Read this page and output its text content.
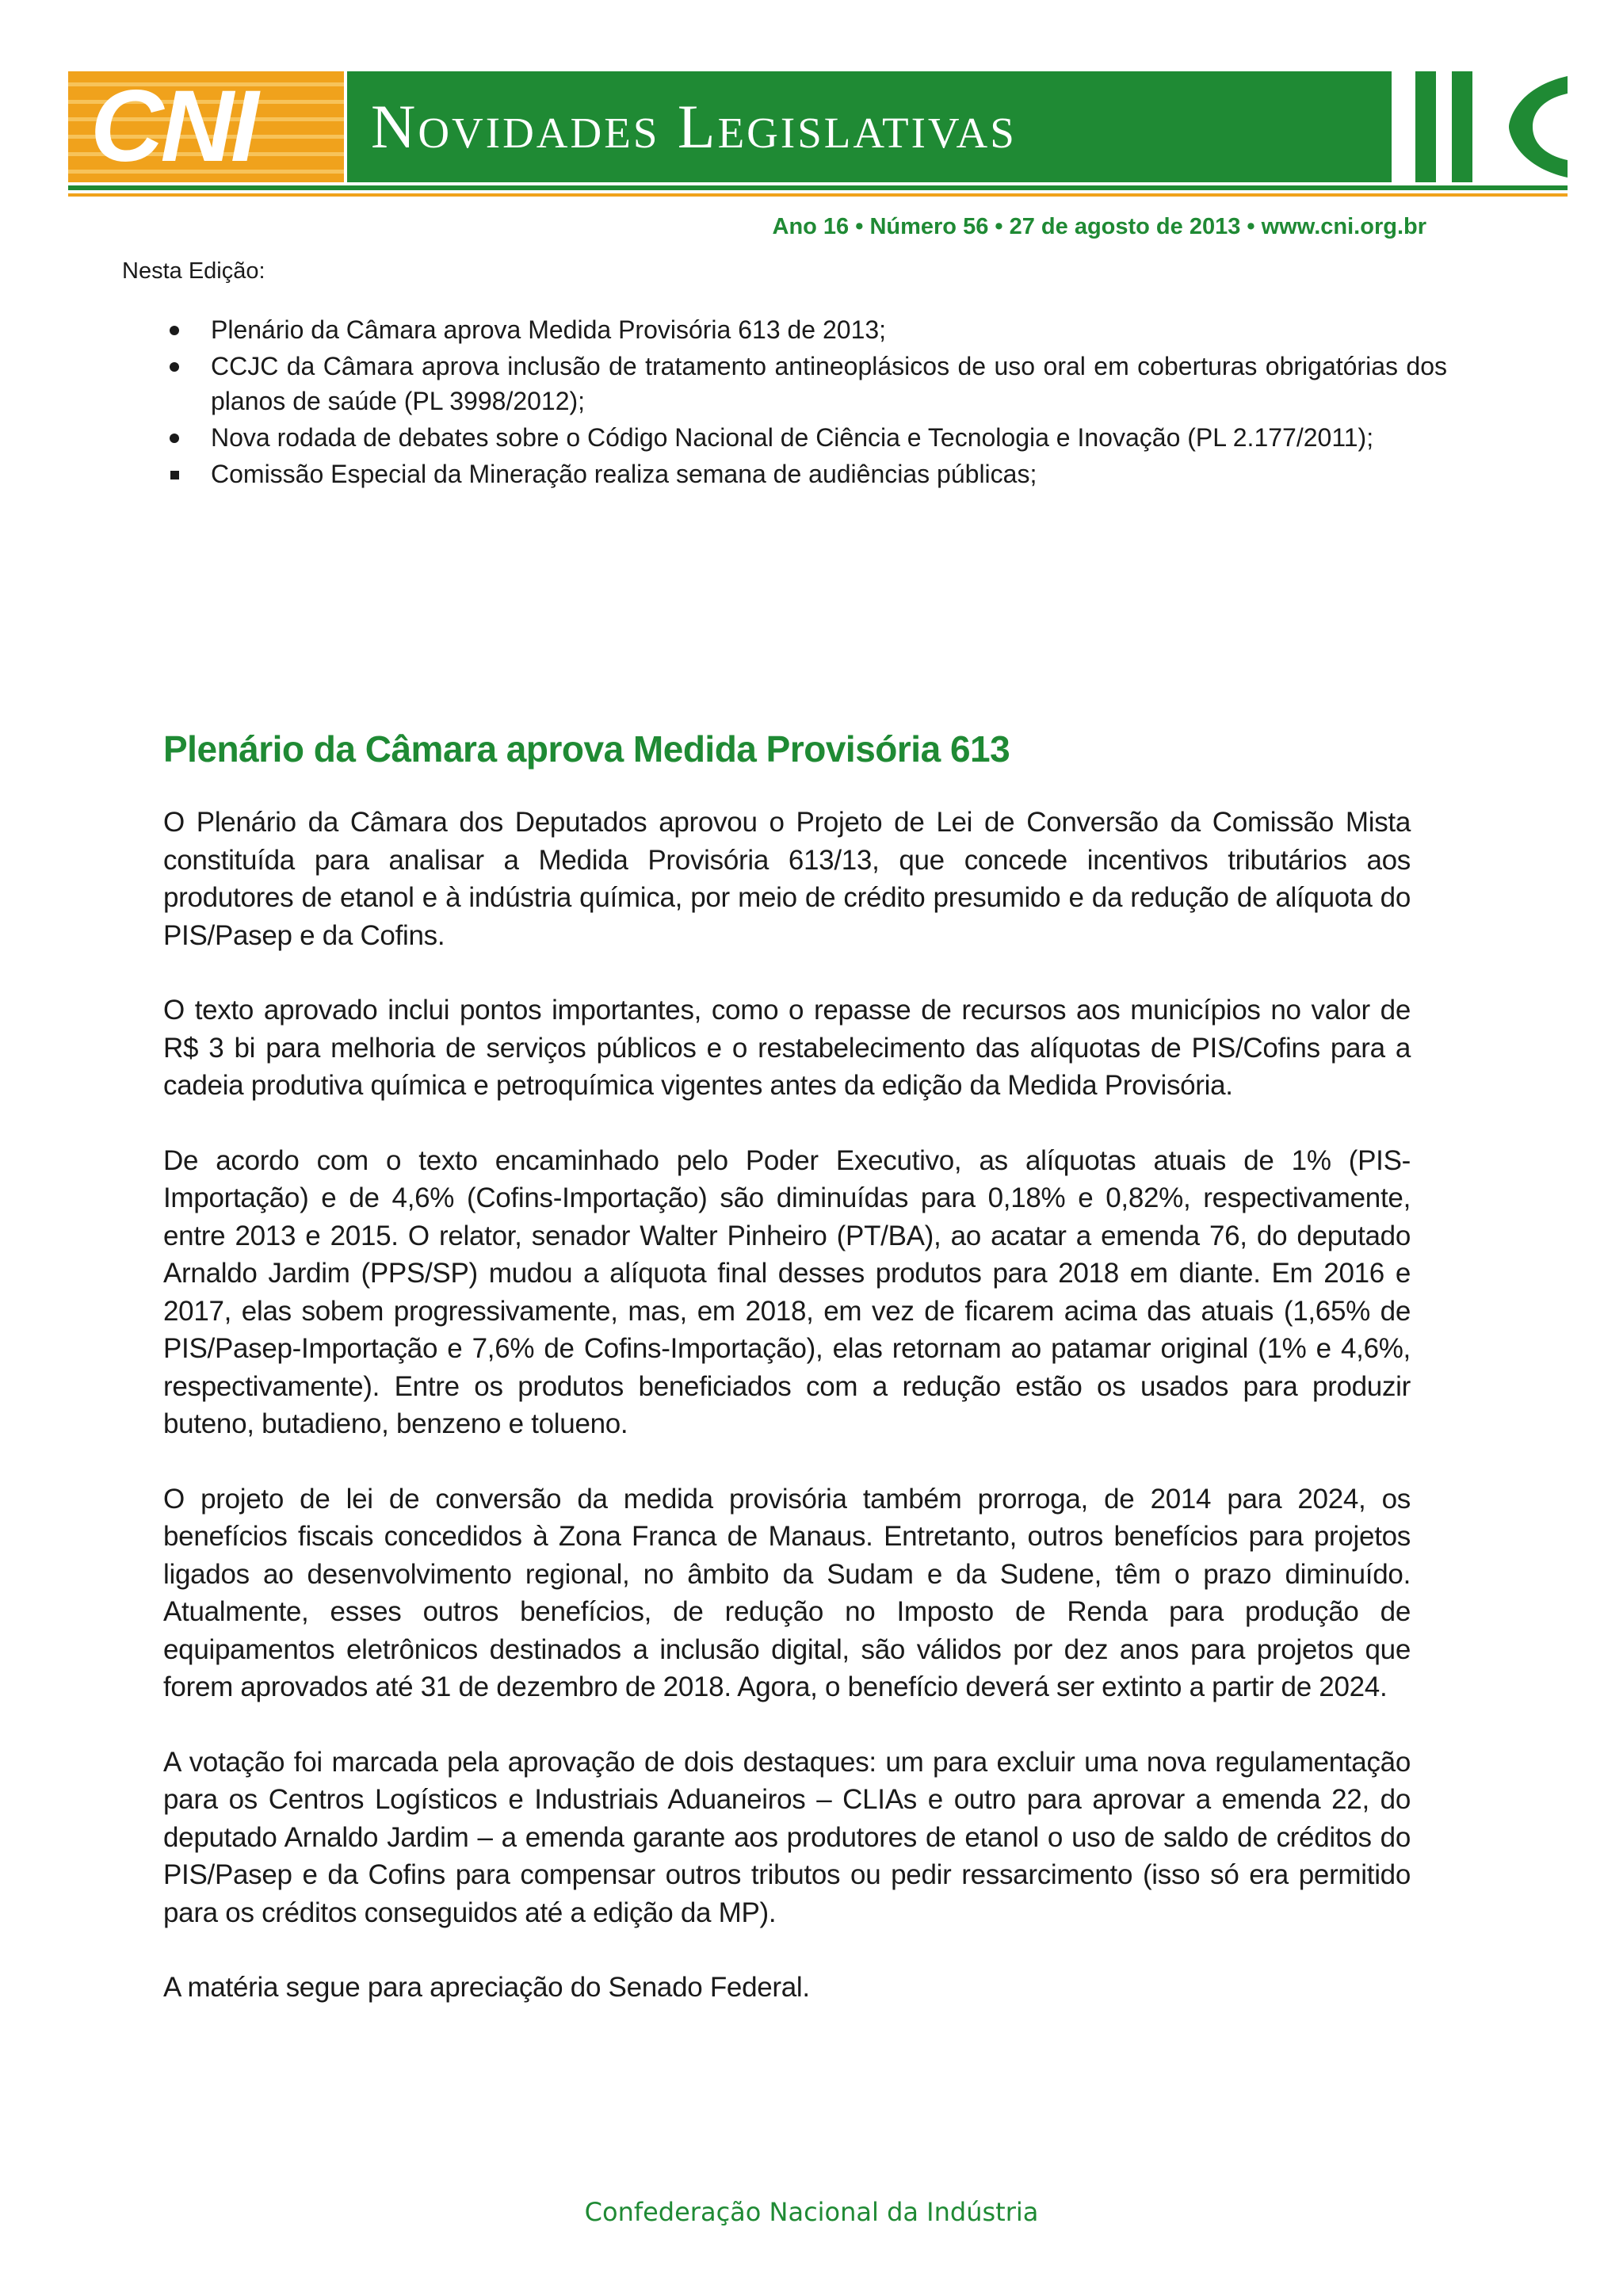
CNI Novidades Legislativas
Ano 16 • Número 56 • 27 de agosto de 2013 • www.cni.org.br
Nesta Edição:
Plenário da Câmara aprova Medida Provisória 613 de 2013;
CCJC da Câmara aprova inclusão de tratamento antineoplásicos de uso oral em coberturas obrigatórias dos planos de saúde (PL 3998/2012);
Nova rodada de debates sobre o Código Nacional de Ciência e Tecnologia e Inovação (PL 2.177/2011);
Comissão Especial da Mineração realiza semana de audiências públicas;
Plenário da Câmara aprova Medida Provisória 613

O Plenário da Câmara dos Deputados aprovou o Projeto de Lei de Conversão da Comissão Mista constituída para analisar a Medida Provisória 613/13, que concede incentivos tributários aos produtores de etanol e à indústria química, por meio de crédito presumido e da redução de alíquota do PIS/Pasep e da Cofins.

O texto aprovado inclui pontos importantes, como o repasse de recursos aos municípios no valor de R$ 3 bi para melhoria de serviços públicos e o restabelecimento das alíquotas de PIS/Cofins para a cadeia produtiva química e petroquímica vigentes antes da edição da Medida Provisória.

De acordo com o texto encaminhado pelo Poder Executivo, as alíquotas atuais de 1% (PIS-Importação) e de 4,6% (Cofins-Importação) são diminuídas para 0,18% e 0,82%, respectivamente, entre 2013 e 2015. O relator, senador Walter Pinheiro (PT/BA), ao acatar a emenda 76, do deputado Arnaldo Jardim (PPS/SP) mudou a alíquota final desses produtos para 2018 em diante. Em 2016 e 2017, elas sobem progressivamente, mas, em 2018, em vez de ficarem acima das atuais (1,65% de PIS/Pasep-Importação e 7,6% de Cofins-Importação), elas retornam ao patamar original (1% e 4,6%, respectivamente). Entre os produtos beneficiados com a redução estão os usados para produzir buteno, butadieno, benzeno e tolueno.

O projeto de lei de conversão da medida provisória também prorroga, de 2014 para 2024, os benefícios fiscais concedidos à Zona Franca de Manaus. Entretanto, outros benefícios para projetos ligados ao desenvolvimento regional, no âmbito da Sudam e da Sudene, têm o prazo diminuído. Atualmente, esses outros benefícios, de redução no Imposto de Renda para produção de equipamentos eletrônicos destinados a inclusão digital, são válidos por dez anos para projetos que forem aprovados até 31 de dezembro de 2018. Agora, o benefício deverá ser extinto a partir de 2024.

A votação foi marcada pela aprovação de dois destaques: um para excluir uma nova regulamentação para os Centros Logísticos e Industriais Aduaneiros – CLIAs e outro para aprovar a emenda 22, do deputado Arnaldo Jardim – a emenda garante aos produtores de etanol o uso de saldo de créditos do PIS/Pasep e da Cofins para compensar outros tributos ou pedir ressarcimento (isso só era permitido para os créditos conseguidos até a edição da MP).

A matéria segue para apreciação do Senado Federal.

Confederação Nacional da Indústria
